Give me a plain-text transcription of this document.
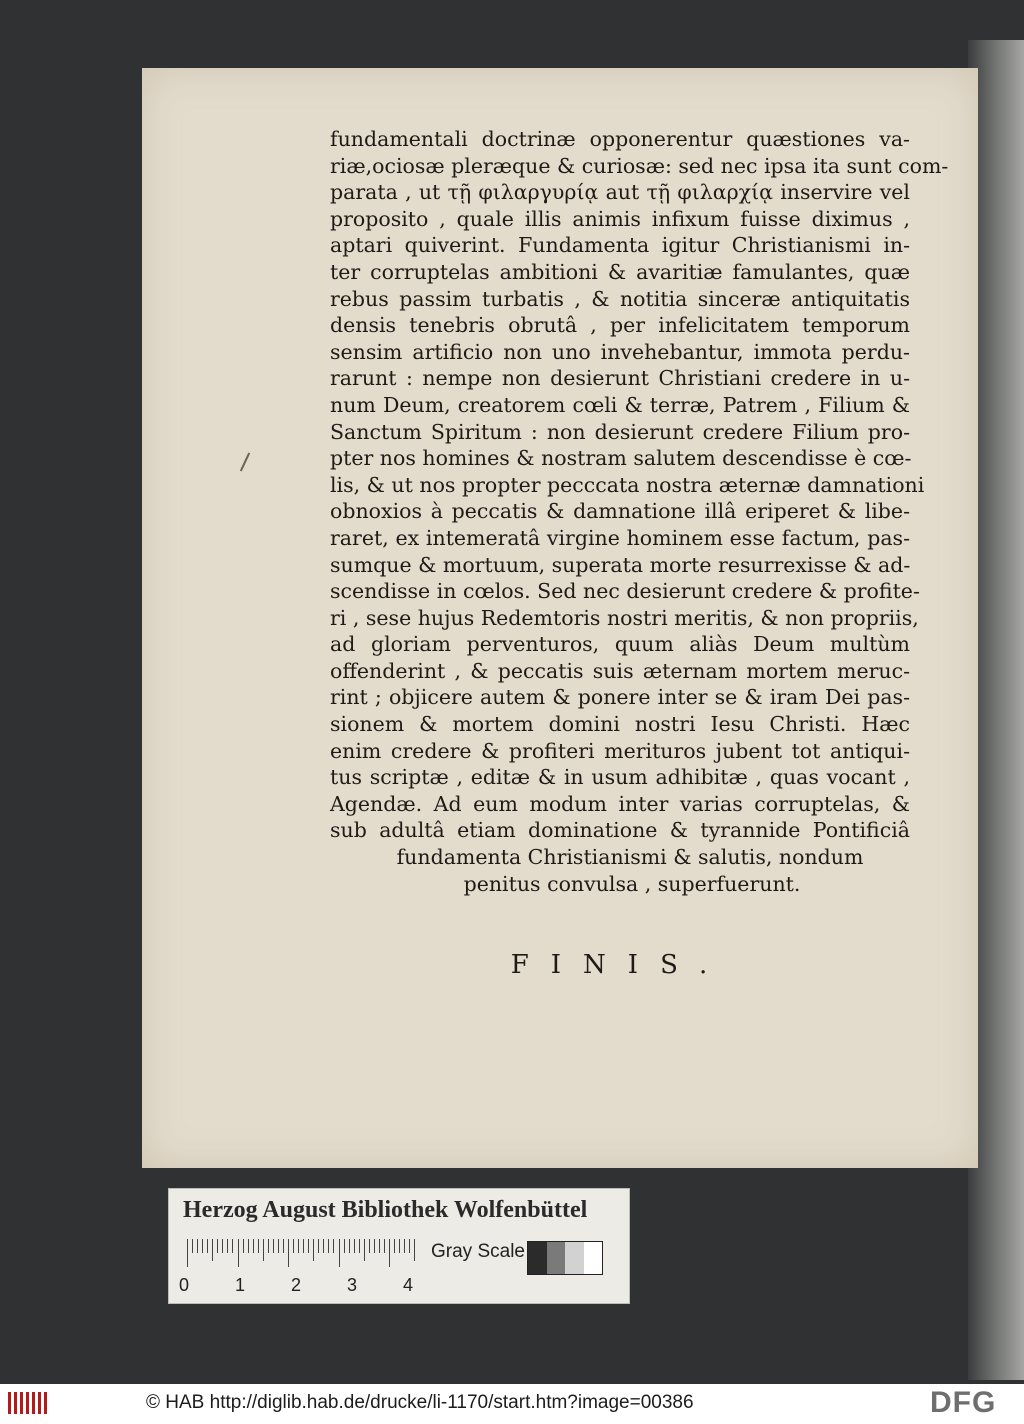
fundamentali doctrinæ opponerentur quæstiones va-
riæ,ociosæ pleræque & curiosæ: sed nec ipsa ita sunt com-
parata , ut τῇ φιλαργυρίᾳ aut τῇ φιλαρχίᾳ inservire vel
proposito , quale illis animis infixum fuisse diximus ,
aptari quiverint. Fundamenta igitur Christianismi in-
ter corruptelas ambitioni & avaritiæ famulantes, quæ
rebus passim turbatis , & notitia sinceræ antiquitatis
densis tenebris obrutâ , per infelicitatem temporum
sensim artificio non uno invehebantur, immota perdu-
rarunt : nempe non desierunt Christiani credere in u-
num Deum, creatorem cœli & terræ, Patrem , Filium &
Sanctum Spiritum : non desierunt credere Filium pro-
pter nos homines & nostram salutem descendisse è cœ-
lis, & ut nos propter pecccata nostra æternæ damnationi
obnoxios à peccatis & damnatione illâ eriperet & libe-
raret, ex intemeratâ virgine hominem esse factum, pas-
sumque & mortuum, superata morte resurrexisse & ad-
scendisse in cœlos. Sed nec desierunt credere & profite-
ri , sese hujus Redemtoris nostri meritis, & non propriis,
ad gloriam perventuros, quum aliàs Deum multùm
offenderint , & peccatis suis æternam mortem meruc-
rint ; objicere autem & ponere inter se & iram Dei pas-
sionem & mortem domini nostri Iesu Christi. Hæc
enim credere & profiteri merituros jubent tot antiqui-
tus scriptæ , editæ & in usum adhibitæ , quas vocant ,
Agendæ. Ad eum modum inter varias corruptelas, &
sub adultâ etiam dominatione & tyrannide Pontificiâ
fundamenta Christianismi & salutis, nondum
penitus convulsa , superfuerunt.
FINIS.
Herzog August Bibliothek Wolfenbüttel
0	1	2	3	4
Gray Scale
© HAB http://diglib.hab.de/drucke/li-1170/start.htm?image=00386	DFG
